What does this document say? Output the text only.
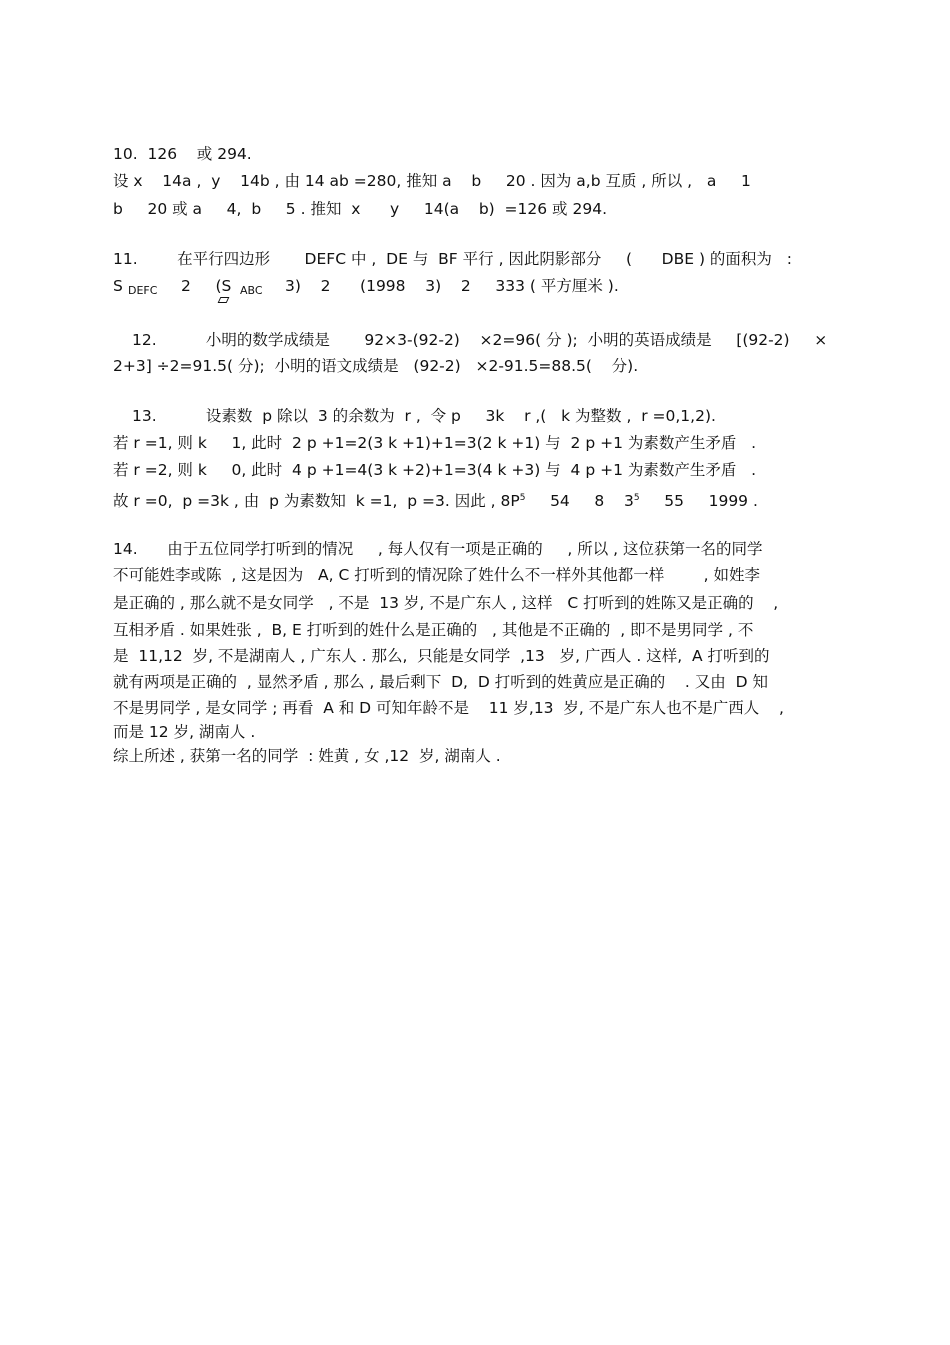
10.  126    或 294.
设 x    14a ,  y    14b , 由 14 ab =280, 推知 a    b     20 . 因为 a,b 互质 , 所以 ,   a     1
b     20 或 a     4,  b     5 . 推知  x      y     14(a    b)  =126 或 294.
11.        在平行四边形       DEFC 中 ,  DE 与  BF 平行 , 因此阴影部分     (      DBE ) 的面积为   :
S DEFC 2     (S ABC 3)    2      (1998    3)    2     333 ( 平方厘米 ).
12.          小明的数学成绩是       92×3-(92-2)    ×2=96( 分 );  小明的英语成绩是     [(92-2)     ×
2+3] ÷2=91.5( 分);  小明的语文成绩是   (92-2)   ×2-91.5=88.5(    分).
13.          设素数  p 除以  3 的余数为  r ,  令 p     3k    r ,(   k 为整数 ,  r =0,1,2).
若 r =1, 则 k     1, 此时  2 p +1=2(3 k +1)+1=3(2 k +1) 与  2 p +1 为素数产生矛盾   .
若 r =2, 则 k     0, 此时  4 p +1=4(3 k +2)+1=3(4 k +3) 与  4 p +1 为素数产生矛盾   .
故 r =0,  p =3k , 由  p 为素数知  k =1,  p =3. 因此 , $8P^5$     54     8    $3^5$     55     1999 .
14.      由于五位同学打听到的情况     , 每人仅有一项是正确的     , 所以 , 这位获第一名的同学
不可能姓李或陈  , 这是因为   A, C 打听到的情况除了姓什么不一样外其他都一样        , 如姓李
是正确的 , 那么就不是女同学   , 不是  13 岁, 不是广东人 , 这样   C 打听到的姓陈又是正确的    ,
互相矛盾 . 如果姓张 ,  B, E 打听到的姓什么是正确的   , 其他是不正确的  , 即不是男同学 , 不
是  11,12  岁, 不是湖南人 , 广东人 . 那么,  只能是女同学  ,13   岁, 广西人 . 这样,  A 打听到的
就有两项是正确的  , 显然矛盾 , 那么 , 最后剩下  D,  D 打听到的姓黄应是正确的    . 又由  D 知
不是男同学 , 是女同学 ; 再看  A 和 D 可知年龄不是    11 岁,13  岁, 不是广东人也不是广西人    ,
而是 12 岁, 湖南人 .
综上所述 , 获第一名的同学  : 姓黄 , 女 ,12  岁, 湖南人 .
